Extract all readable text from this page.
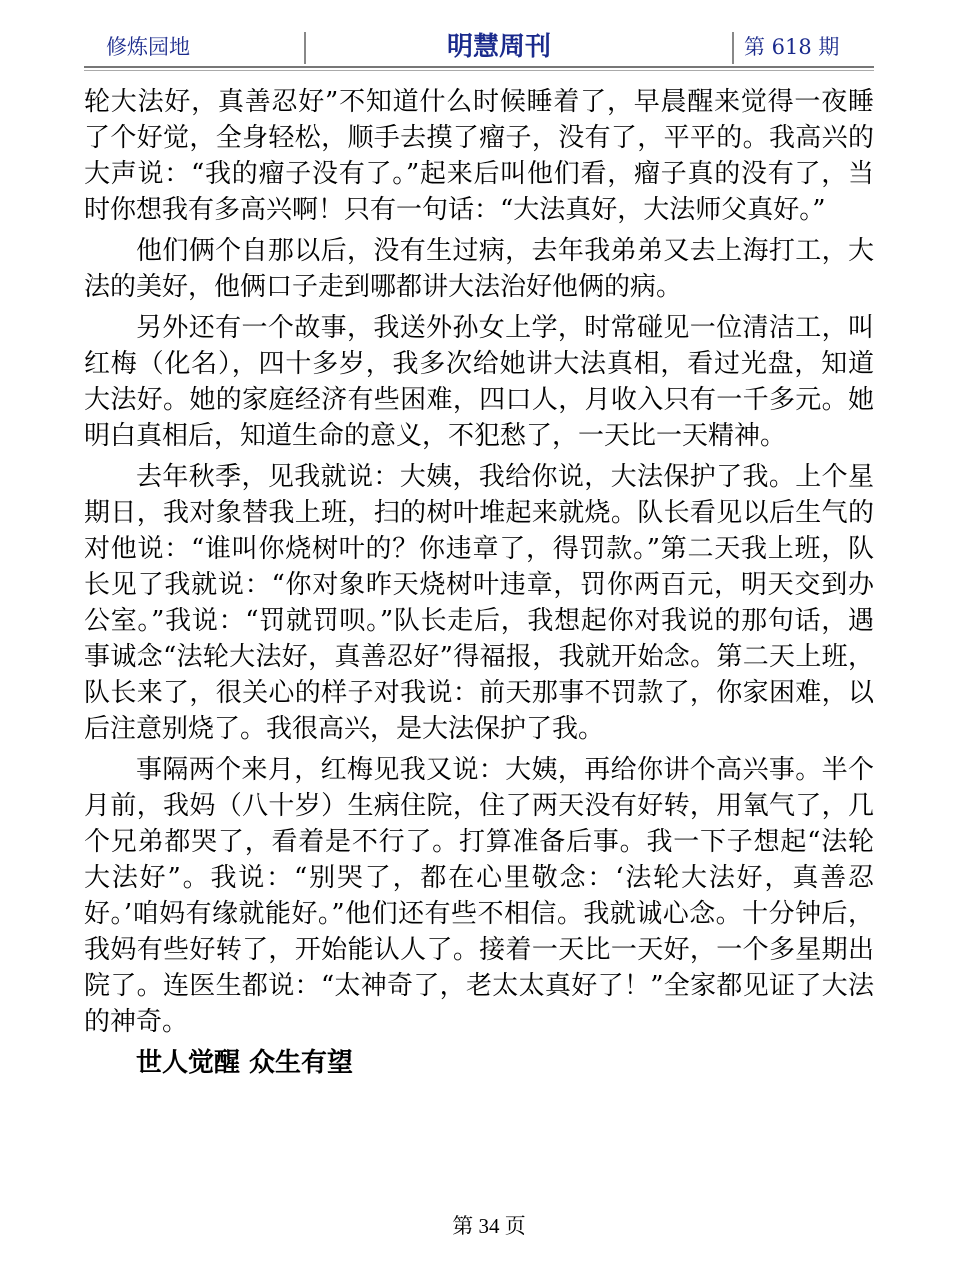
修炼园地	明慧周刊	第 618 期

轮大法好，真善忍好”不知道什么时候睡着了，早晨醒来觉得一夜睡了个好觉，全身轻松，顺手去摸了瘤子，没有了，平平的。我高兴的大声说：“我的瘤子没有了。”起来后叫他们看，瘤子真的没有了，当时你想我有多高兴啊！只有一句话：“大法真好，大法师父真好。”

他们俩个自那以后，没有生过病，去年我弟弟又去上海打工，大法的美好，他俩口子走到哪都讲大法治好他俩的病。

另外还有一个故事，我送外孙女上学，时常碰见一位清洁工，叫红梅（化名），四十多岁，我多次给她讲大法真相，看过光盘，知道大法好。她的家庭经济有些困难，四口人，月收入只有一千多元。她明白真相后，知道生命的意义，不犯愁了，一天比一天精神。

去年秋季，见我就说：大姨，我给你说，大法保护了我。上个星期日，我对象替我上班，扫的树叶堆起来就烧。队长看见以后生气的对他说：“谁叫你烧树叶的？你违章了，得罚款。”第二天我上班，队长见了我就说：“你对象昨天烧树叶违章，罚你两百元，明天交到办公室。”我说：“罚就罚呗。”队长走后，我想起你对我说的那句话，遇事诚念“法轮大法好，真善忍好”得福报，我就开始念。第二天上班，队长来了，很关心的样子对我说：前天那事不罚款了，你家困难，以后注意别烧了。我很高兴，是大法保护了我。

事隔两个来月，红梅见我又说：大姨，再给你讲个高兴事。半个月前，我妈（八十岁）生病住院，住了两天没有好转，用氧气了，几个兄弟都哭了，看着是不行了。打算准备后事。我一下子想起“法轮大法好”。我说：“别哭了，都在心里敬念：‘法轮大法好，真善忍好。’咱妈有缘就能好。”他们还有些不相信。我就诚心念。十分钟后，我妈有些好转了，开始能认人了。接着一天比一天好，一个多星期出院了。连医生都说：“太神奇了，老太太真好了！”全家都见证了大法的神奇。

世人觉醒 众生有望

第 34 页
